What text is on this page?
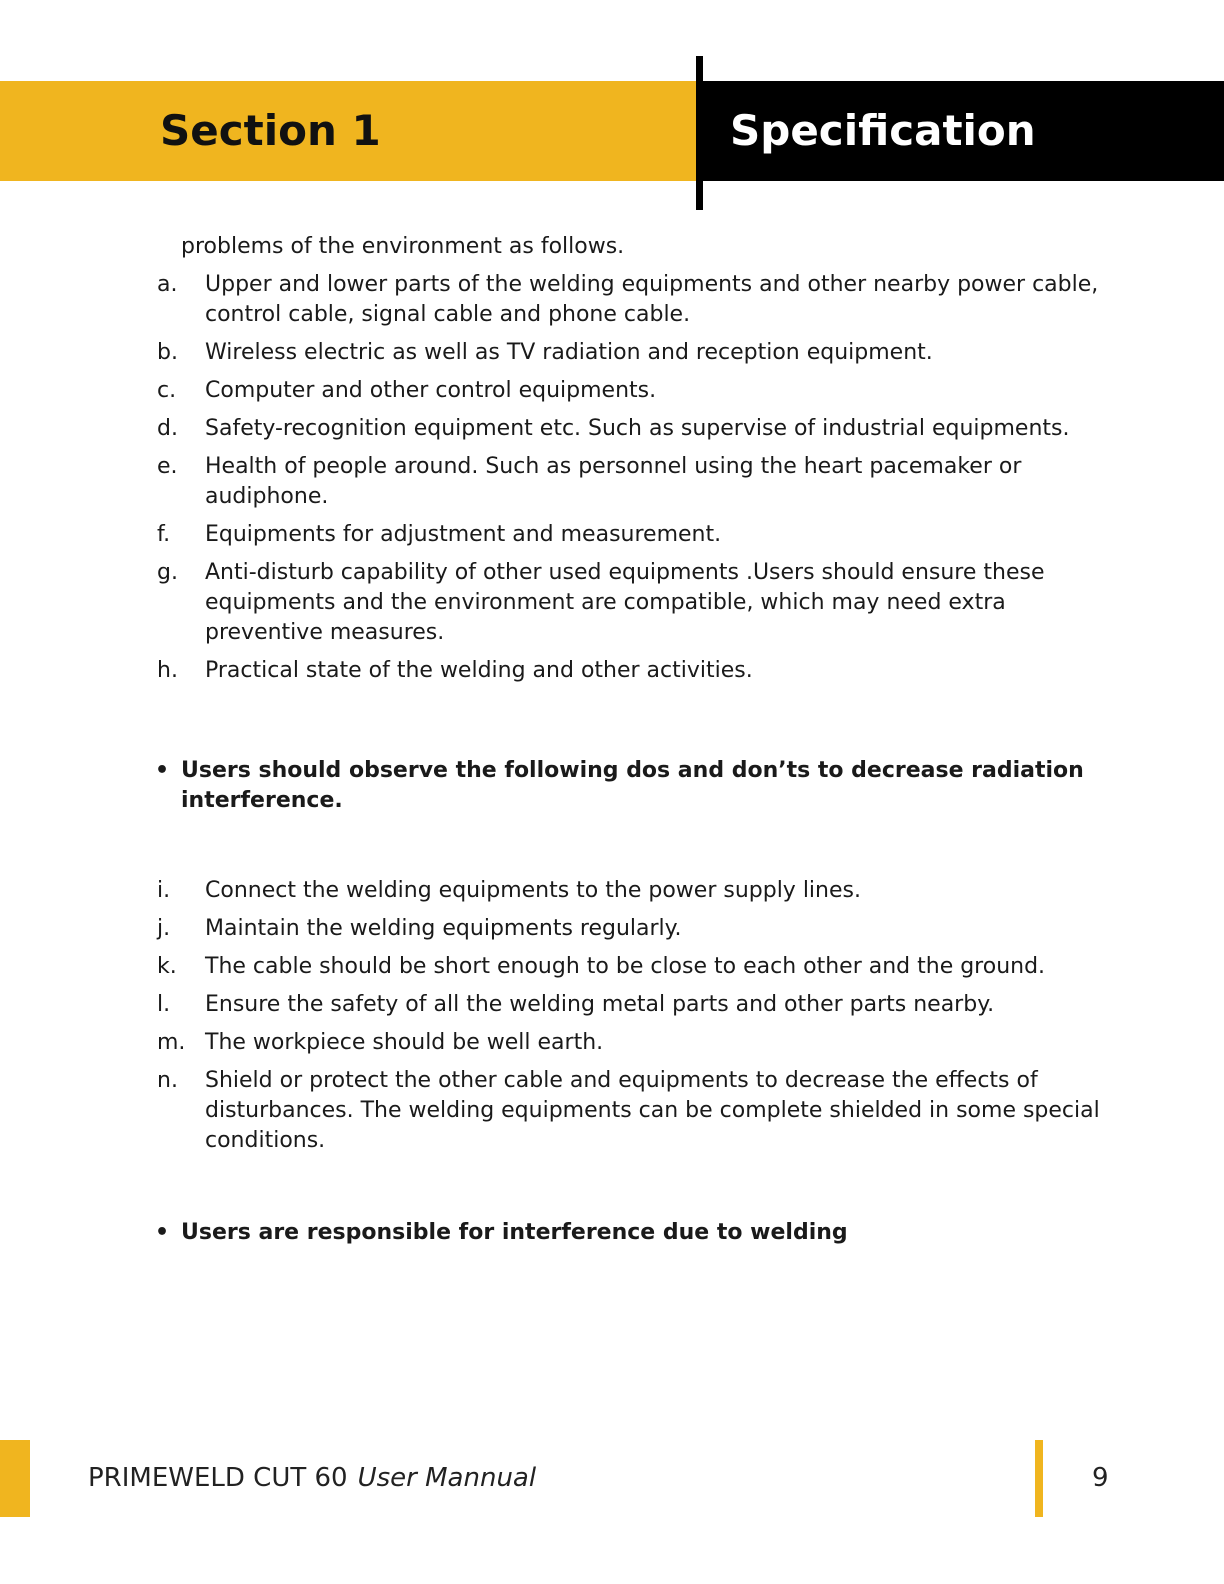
Section 1	Specification

problems of the environment as follows.

a. Upper and lower parts of the welding equipments and other nearby power cable, control cable, signal cable and phone cable.
b. Wireless electric as well as TV radiation and reception equipment.
c. Computer and other control equipments.
d. Safety-recognition equipment etc. Such as supervise of industrial equipments.
e. Health of people around. Such as personnel using the heart pacemaker or audiphone.
f. Equipments for adjustment and measurement.
g. Anti-disturb capability of other used equipments .Users should ensure these equipments and the environment are compatible, which may need extra preventive measures.
h. Practical state of the welding and other activities.
• Users should observe the following dos and don’ts to decrease radiation interference.
i. Connect the welding equipments to the power supply lines.
j. Maintain the welding equipments regularly.
k. The cable should be short enough to be close to each other and the ground.
l. Ensure the safety of all the welding metal parts and other parts nearby.
m. The workpiece should be well earth.
n. Shield or protect the other cable and equipments to decrease the effects of disturbances. The welding equipments can be complete shielded in some special conditions.
• Users are responsible for interference due to welding
PRIMEWELD CUT 60 User Mannual	9
